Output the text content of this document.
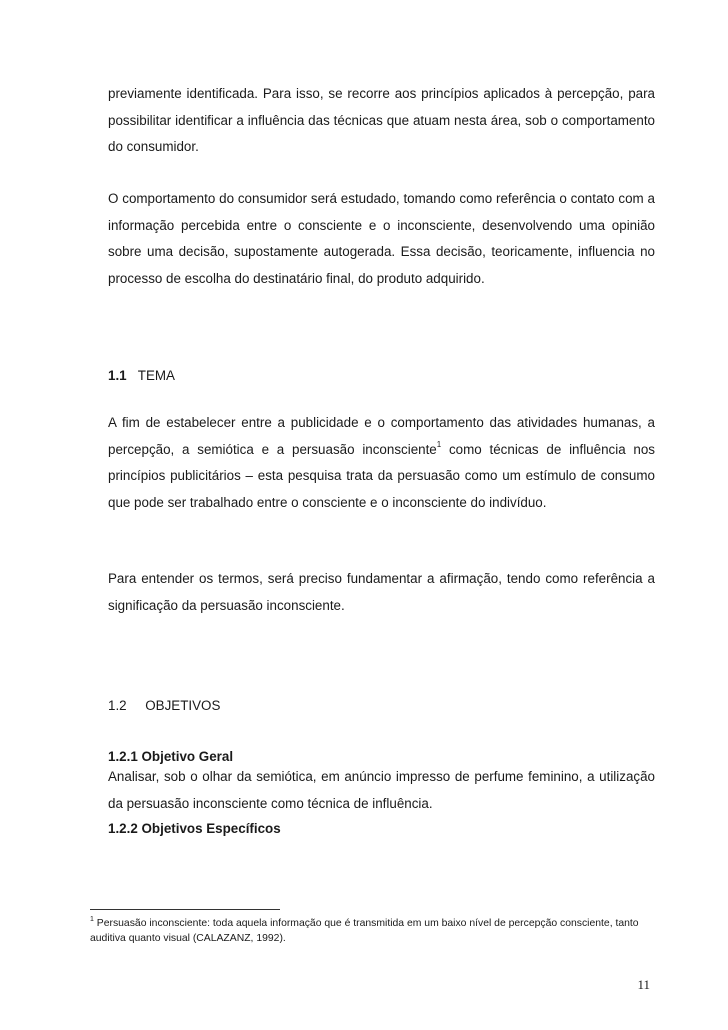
previamente identificada. Para isso, se recorre aos princípios aplicados à percepção, para possibilitar identificar a influência das técnicas que atuam nesta área, sob o comportamento do consumidor.

O comportamento do consumidor será estudado, tomando como referência o contato com a informação percebida entre o consciente e o inconsciente, desenvolvendo uma opinião sobre uma decisão, supostamente autogerada. Essa decisão, teoricamente, influencia no processo de escolha do destinatário final, do produto adquirido.

1.1 TEMA

A fim de estabelecer entre a publicidade e o comportamento das atividades humanas, a percepção, a semiótica e a persuasão inconsciente$^1$ como técnicas de influência nos princípios publicitários – esta pesquisa trata da persuasão como um estímulo de consumo que pode ser trabalhado entre o consciente e o inconsciente do indivíduo.

Para entender os termos, será preciso fundamentar a afirmação, tendo como referência a significação da persuasão inconsciente.

1.2 OBJETIVOS
1.2.1 Objetivo Geral

Analisar, sob o olhar da semiótica, em anúncio impresso de perfume feminino, a utilização da persuasão inconsciente como técnica de influência.

1.2.2 Objetivos Específicos

$^1$ Persuasão inconsciente: toda aquela informação que é transmitida em um baixo nível de percepção consciente, tanto auditiva quanto visual (CALAZANZ, 1992).

11
